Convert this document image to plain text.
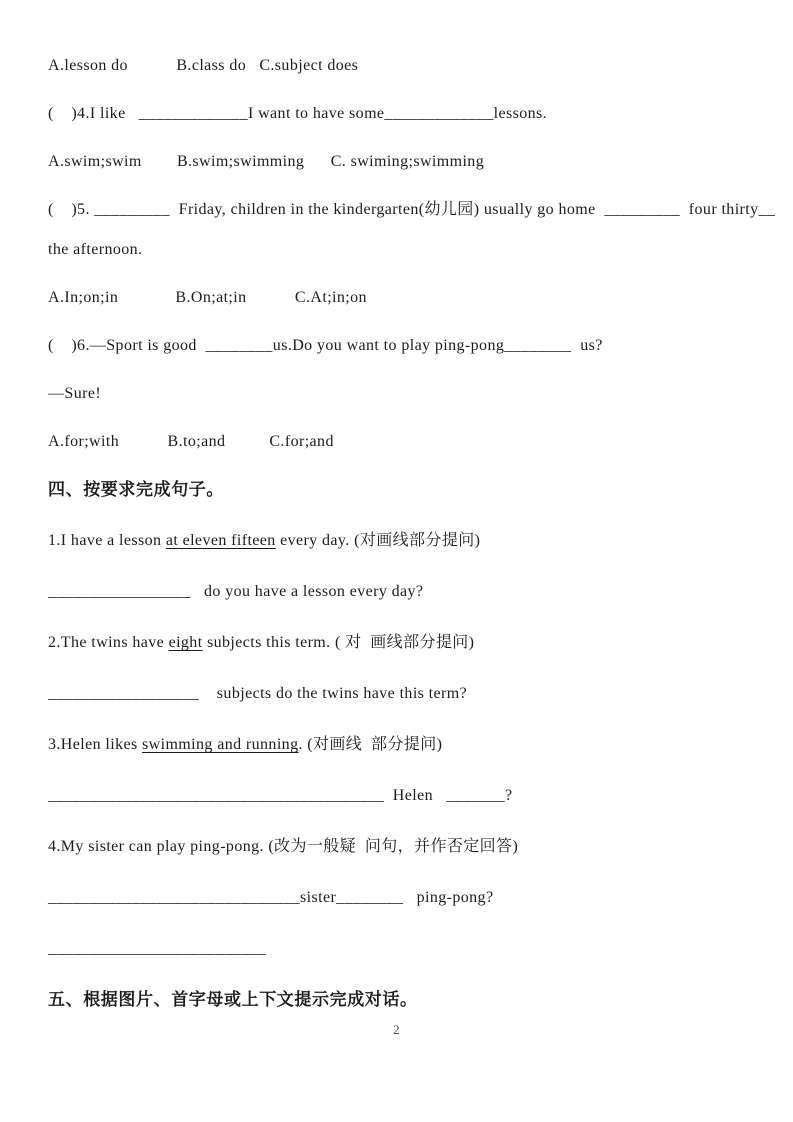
A.lesson do           B.class do   C.subject does
(    )4.I like   _____________I want to have some_____________lessons.
A.swim;swim        B.swim;swimming      C. swiming;swimming
(    )5. _________  Friday, children in the kindergarten(幼儿园) usually go home  _________  four thirty__
the afternoon.
A.In;on;in             B.On;at;in           C.At;in;on
(    )6.—Sport is good  ________us.Do you want to play ping-pong________  us?
—Sure!
A.for;with           B.to;and          C.for;and
四、按要求完成句子。
1.I have a lesson at eleven fifteen every day. (对画线部分提问)
_________________   do you have a lesson every day?
2.The twins have eight subjects this term. ( 对  画线部分提问)
__________________    subjects do the twins have this term?
3.Helen likes swimming and running. (对画线  部分提问)
________________________________________  Helen   _______?
4.My sister can play ping-pong. (改为一般疑  问句，并作否定回答)
______________________________sister________   ping-pong?
__________________________
五、根据图片、首字母或上下文提示完成对话。
2
